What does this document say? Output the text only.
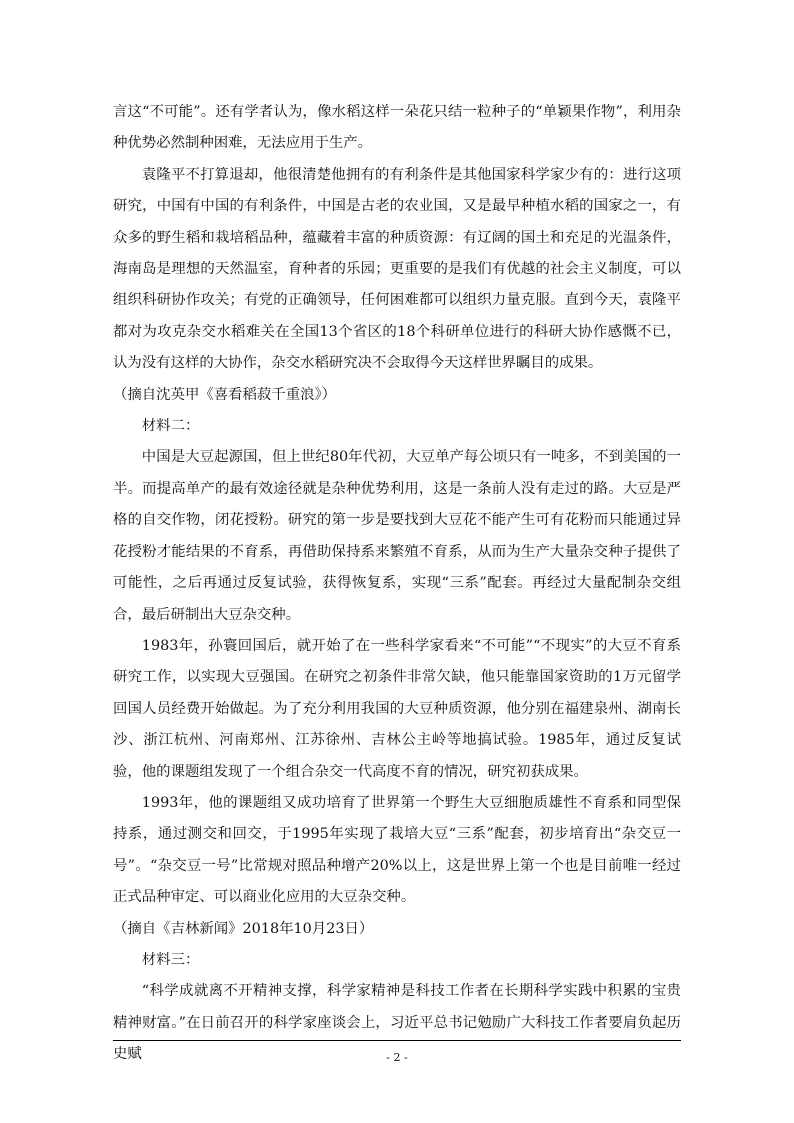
言这“不可能”。还有学者认为，像水稻这样一朵花只结一粒种子的“单颖果作物”，利用杂种优势必然制种困难，无法应用于生产。

袁隆平不打算退却，他很清楚他拥有的有利条件是其他国家科学家少有的：进行这项研究，中国有中国的有利条件，中国是古老的农业国，又是最早种植水稻的国家之一，有众多的野生稻和栽培稻品种，蕴藏着丰富的种质资源：有辽阔的国土和充足的光温条件，海南岛是理想的天然温室，育种者的乐园；更重要的是我们有优越的社会主义制度，可以组织科研协作攻关；有党的正确领导，任何困难都可以组织力量克服。直到今天，袁隆平都对为攻克杂交水稻难关在全国13个省区的18个科研单位进行的科研大协作感慨不已，认为没有这样的大协作，杂交水稻研究决不会取得今天这样世界瞩目的成果。

（摘自沈英甲《喜看稻菽千重浪》）

材料二：

中国是大豆起源国，但上世纪80年代初，大豆单产每公顷只有一吨多，不到美国的一半。而提高单产的最有效途径就是杂种优势利用，这是一条前人没有走过的路。大豆是严格的自交作物，闭花授粉。研究的第一步是要找到大豆花不能产生可有花粉而只能通过异花授粉才能结果的不育系，再借助保持系来繁殖不育系，从而为生产大量杂交种子提供了可能性，之后再通过反复试验，获得恢复系，实现“三系”配套。再经过大量配制杂交组合，最后研制出大豆杂交种。

1983年，孙寰回国后，就开始了在一些科学家看来“不可能”“不现实”的大豆不育系研究工作，以实现大豆强国。在研究之初条件非常欠缺，他只能靠国家资助的1万元留学回国人员经费开始做起。为了充分利用我国的大豆种质资源，他分别在福建泉州、湖南长沙、浙江杭州、河南郑州、江苏徐州、吉林公主岭等地搞试验。1985年，通过反复试验，他的课题组发现了一个组合杂交一代高度不育的情况，研究初获成果。

1993年，他的课题组又成功培育了世界第一个野生大豆细胞质雄性不育系和同型保持系，通过测交和回交，于1995年实现了栽培大豆“三系”配套，初步培育出“杂交豆一号”。“杂交豆一号”比常规对照品种增产20%以上，这是世界上第一个也是目前唯一经过正式品种审定、可以商业化应用的大豆杂交种。

（摘自《吉林新闻》2018年10月23日）

材料三：

“科学成就离不开精神支撑，科学家精神是科技工作者在长期科学实践中积累的宝贵精神财富。”在日前召开的科学家座谈会上，习近平总书记勉励广大科技工作者要肩负起历史赋	- 2 -
